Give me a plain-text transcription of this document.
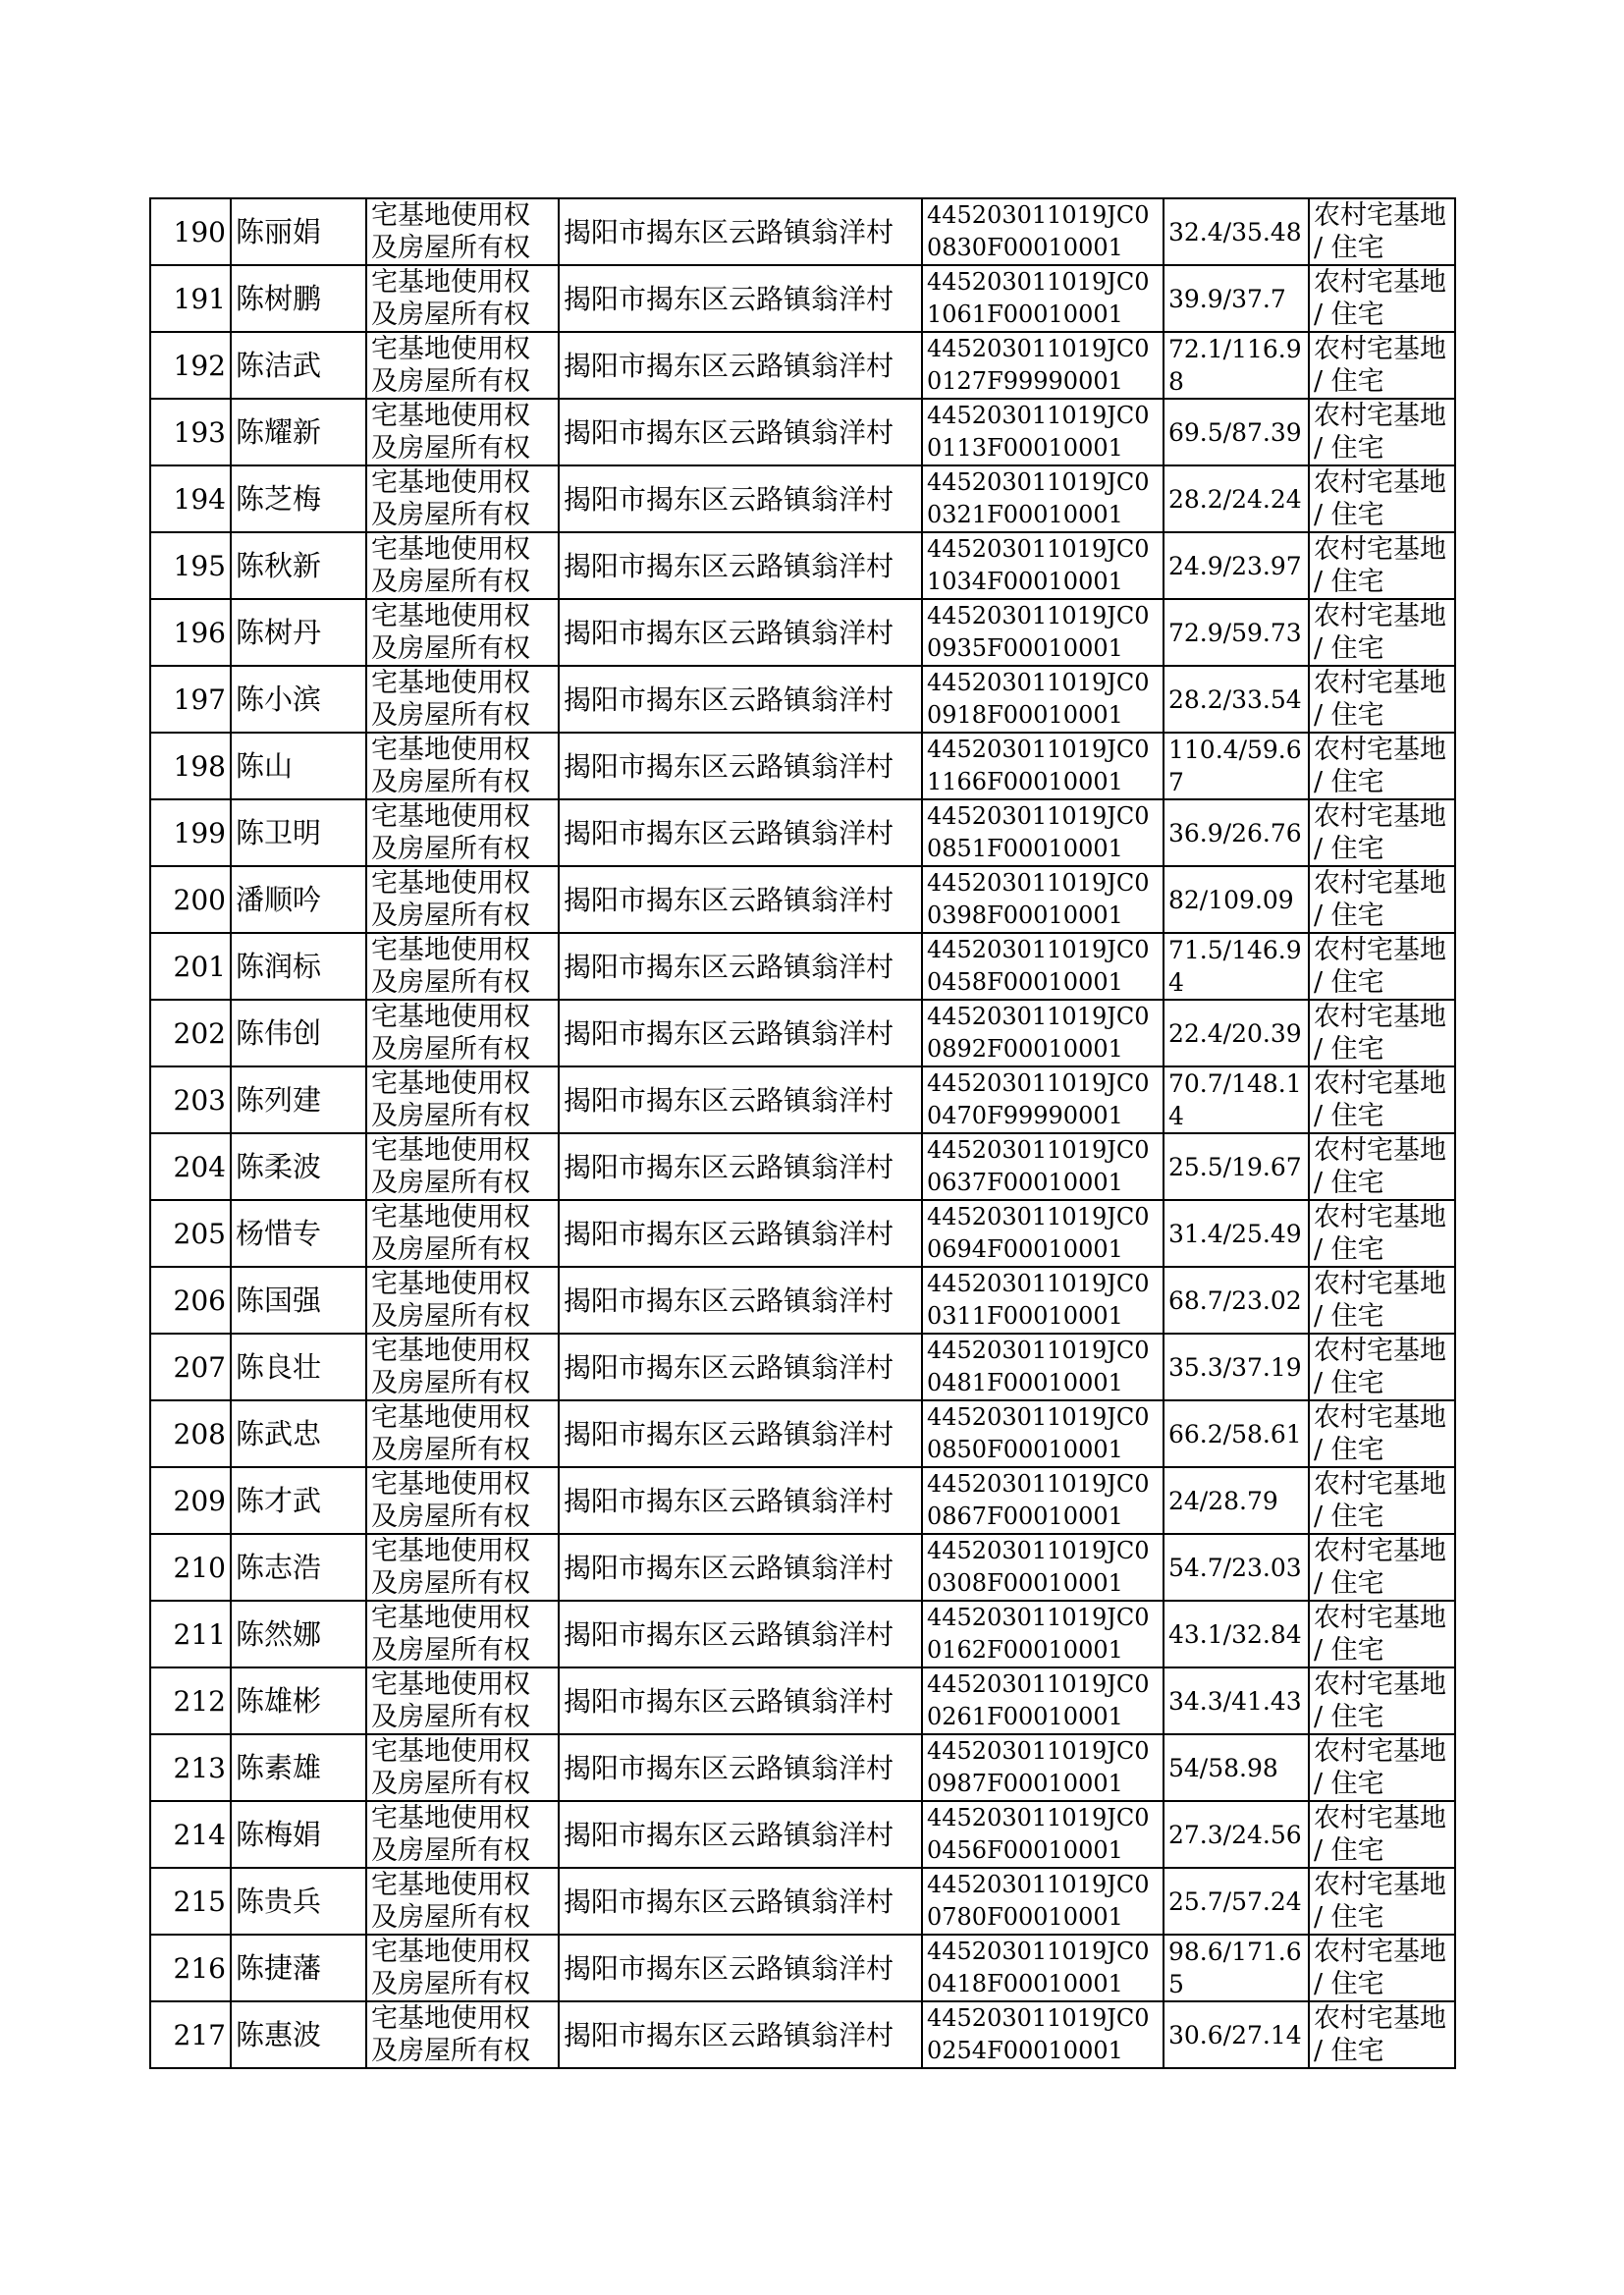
190	陈丽娟	宅基地使用权及房屋所有权	揭阳市揭东区云路镇翁洋村	445203011019JC00830F00010001	32.4/35.48	农村宅基地 / 住宅
191	陈树鹏	宅基地使用权及房屋所有权	揭阳市揭东区云路镇翁洋村	445203011019JC01061F00010001	39.9/37.7	农村宅基地 / 住宅
192	陈洁武	宅基地使用权及房屋所有权	揭阳市揭东区云路镇翁洋村	445203011019JC00127F99990001	72.1/116.98	农村宅基地 / 住宅
193	陈耀新	宅基地使用权及房屋所有权	揭阳市揭东区云路镇翁洋村	445203011019JC00113F00010001	69.5/87.39	农村宅基地 / 住宅
194	陈芝梅	宅基地使用权及房屋所有权	揭阳市揭东区云路镇翁洋村	445203011019JC00321F00010001	28.2/24.24	农村宅基地 / 住宅
195	陈秋新	宅基地使用权及房屋所有权	揭阳市揭东区云路镇翁洋村	445203011019JC01034F00010001	24.9/23.97	农村宅基地 / 住宅
196	陈树丹	宅基地使用权及房屋所有权	揭阳市揭东区云路镇翁洋村	445203011019JC00935F00010001	72.9/59.73	农村宅基地 / 住宅
197	陈小滨	宅基地使用权及房屋所有权	揭阳市揭东区云路镇翁洋村	445203011019JC00918F00010001	28.2/33.54	农村宅基地 / 住宅
198	陈山	宅基地使用权及房屋所有权	揭阳市揭东区云路镇翁洋村	445203011019JC01166F00010001	110.4/59.67	农村宅基地 / 住宅
199	陈卫明	宅基地使用权及房屋所有权	揭阳市揭东区云路镇翁洋村	445203011019JC00851F00010001	36.9/26.76	农村宅基地 / 住宅
200	潘顺吟	宅基地使用权及房屋所有权	揭阳市揭东区云路镇翁洋村	445203011019JC00398F00010001	82/109.09	农村宅基地 / 住宅
201	陈润标	宅基地使用权及房屋所有权	揭阳市揭东区云路镇翁洋村	445203011019JC00458F00010001	71.5/146.94	农村宅基地 / 住宅
202	陈伟创	宅基地使用权及房屋所有权	揭阳市揭东区云路镇翁洋村	445203011019JC00892F00010001	22.4/20.39	农村宅基地 / 住宅
203	陈列建	宅基地使用权及房屋所有权	揭阳市揭东区云路镇翁洋村	445203011019JC00470F99990001	70.7/148.14	农村宅基地 / 住宅
204	陈柔波	宅基地使用权及房屋所有权	揭阳市揭东区云路镇翁洋村	445203011019JC00637F00010001	25.5/19.67	农村宅基地 / 住宅
205	杨惜专	宅基地使用权及房屋所有权	揭阳市揭东区云路镇翁洋村	445203011019JC00694F00010001	31.4/25.49	农村宅基地 / 住宅
206	陈国强	宅基地使用权及房屋所有权	揭阳市揭东区云路镇翁洋村	445203011019JC00311F00010001	68.7/23.02	农村宅基地 / 住宅
207	陈良壮	宅基地使用权及房屋所有权	揭阳市揭东区云路镇翁洋村	445203011019JC00481F00010001	35.3/37.19	农村宅基地 / 住宅
208	陈武忠	宅基地使用权及房屋所有权	揭阳市揭东区云路镇翁洋村	445203011019JC00850F00010001	66.2/58.61	农村宅基地 / 住宅
209	陈才武	宅基地使用权及房屋所有权	揭阳市揭东区云路镇翁洋村	445203011019JC00867F00010001	24/28.79	农村宅基地 / 住宅
210	陈志浩	宅基地使用权及房屋所有权	揭阳市揭东区云路镇翁洋村	445203011019JC00308F00010001	54.7/23.03	农村宅基地 / 住宅
211	陈然娜	宅基地使用权及房屋所有权	揭阳市揭东区云路镇翁洋村	445203011019JC00162F00010001	43.1/32.84	农村宅基地 / 住宅
212	陈雄彬	宅基地使用权及房屋所有权	揭阳市揭东区云路镇翁洋村	445203011019JC00261F00010001	34.3/41.43	农村宅基地 / 住宅
213	陈素雄	宅基地使用权及房屋所有权	揭阳市揭东区云路镇翁洋村	445203011019JC00987F00010001	54/58.98	农村宅基地 / 住宅
214	陈梅娟	宅基地使用权及房屋所有权	揭阳市揭东区云路镇翁洋村	445203011019JC00456F00010001	27.3/24.56	农村宅基地 / 住宅
215	陈贵兵	宅基地使用权及房屋所有权	揭阳市揭东区云路镇翁洋村	445203011019JC00780F00010001	25.7/57.24	农村宅基地 / 住宅
216	陈捷藩	宅基地使用权及房屋所有权	揭阳市揭东区云路镇翁洋村	445203011019JC00418F00010001	98.6/171.65	农村宅基地 / 住宅
217	陈惠波	宅基地使用权及房屋所有权	揭阳市揭东区云路镇翁洋村	445203011019JC00254F00010001	30.6/27.14	农村宅基地 / 住宅
